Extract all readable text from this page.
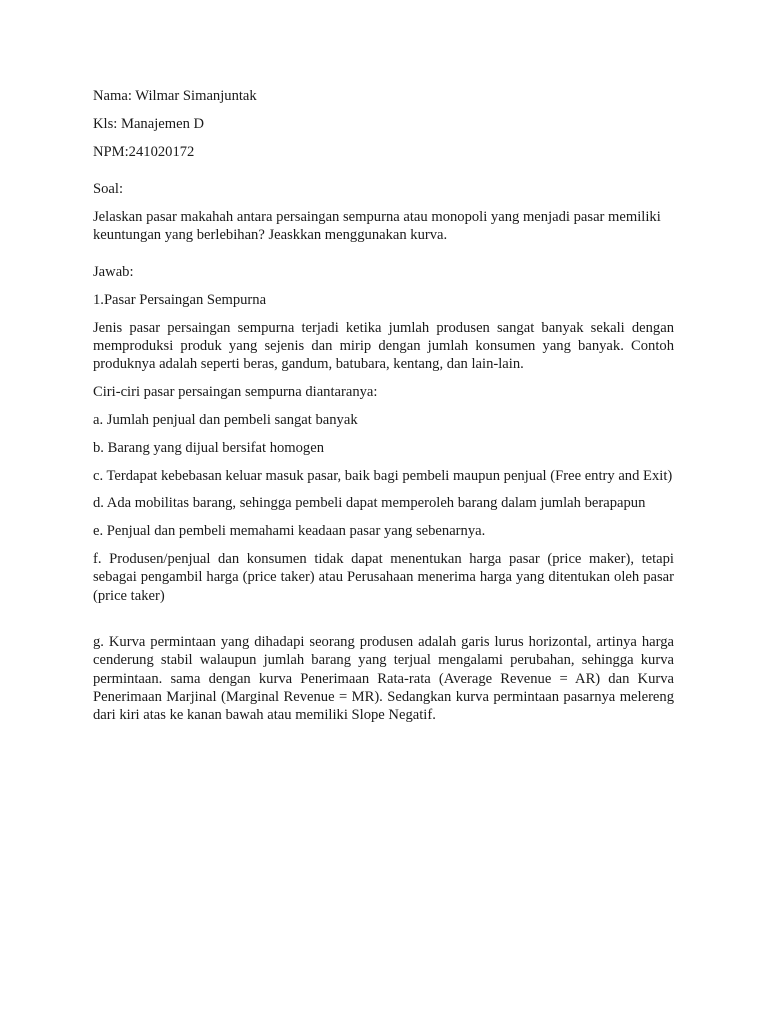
Nama: Wilmar Simanjuntak

Kls: Manajemen D

NPM:241020172

Soal:

Jelaskan pasar makahah antara persaingan sempurna atau monopoli yang menjadi pasar memiliki keuntungan yang berlebihan? Jeaskkan menggunakan kurva.

Jawab:

1.Pasar Persaingan Sempurna

Jenis pasar persaingan sempurna terjadi ketika jumlah produsen sangat banyak sekali dengan memproduksi produk yang sejenis dan mirip dengan jumlah konsumen yang banyak. Contoh produknya adalah seperti beras, gandum, batubara, kentang, dan lain-lain.

Ciri-ciri pasar persaingan sempurna diantaranya:

a. Jumlah penjual dan pembeli sangat banyak

b. Barang yang dijual bersifat homogen

c. Terdapat kebebasan keluar masuk pasar, baik bagi pembeli maupun penjual (Free entry and Exit)

d. Ada mobilitas barang, sehingga pembeli dapat memperoleh barang dalam jumlah berapapun

e. Penjual dan pembeli memahami keadaan pasar yang sebenarnya.

f. Produsen/penjual dan konsumen tidak dapat menentukan harga pasar (price maker), tetapi sebagai pengambil harga (price taker) atau Perusahaan menerima harga yang ditentukan oleh pasar (price taker)

g. Kurva permintaan yang dihadapi seorang produsen adalah garis lurus horizontal, artinya harga cenderung stabil walaupun jumlah barang yang terjual mengalami perubahan, sehingga kurva permintaan. sama dengan kurva Penerimaan Rata-rata (Average Revenue = AR) dan Kurva Penerimaan Marjinal (Marginal Revenue = MR). Sedangkan kurva permintaan pasarnya melereng dari kiri atas ke kanan bawah atau memiliki Slope Negatif.
